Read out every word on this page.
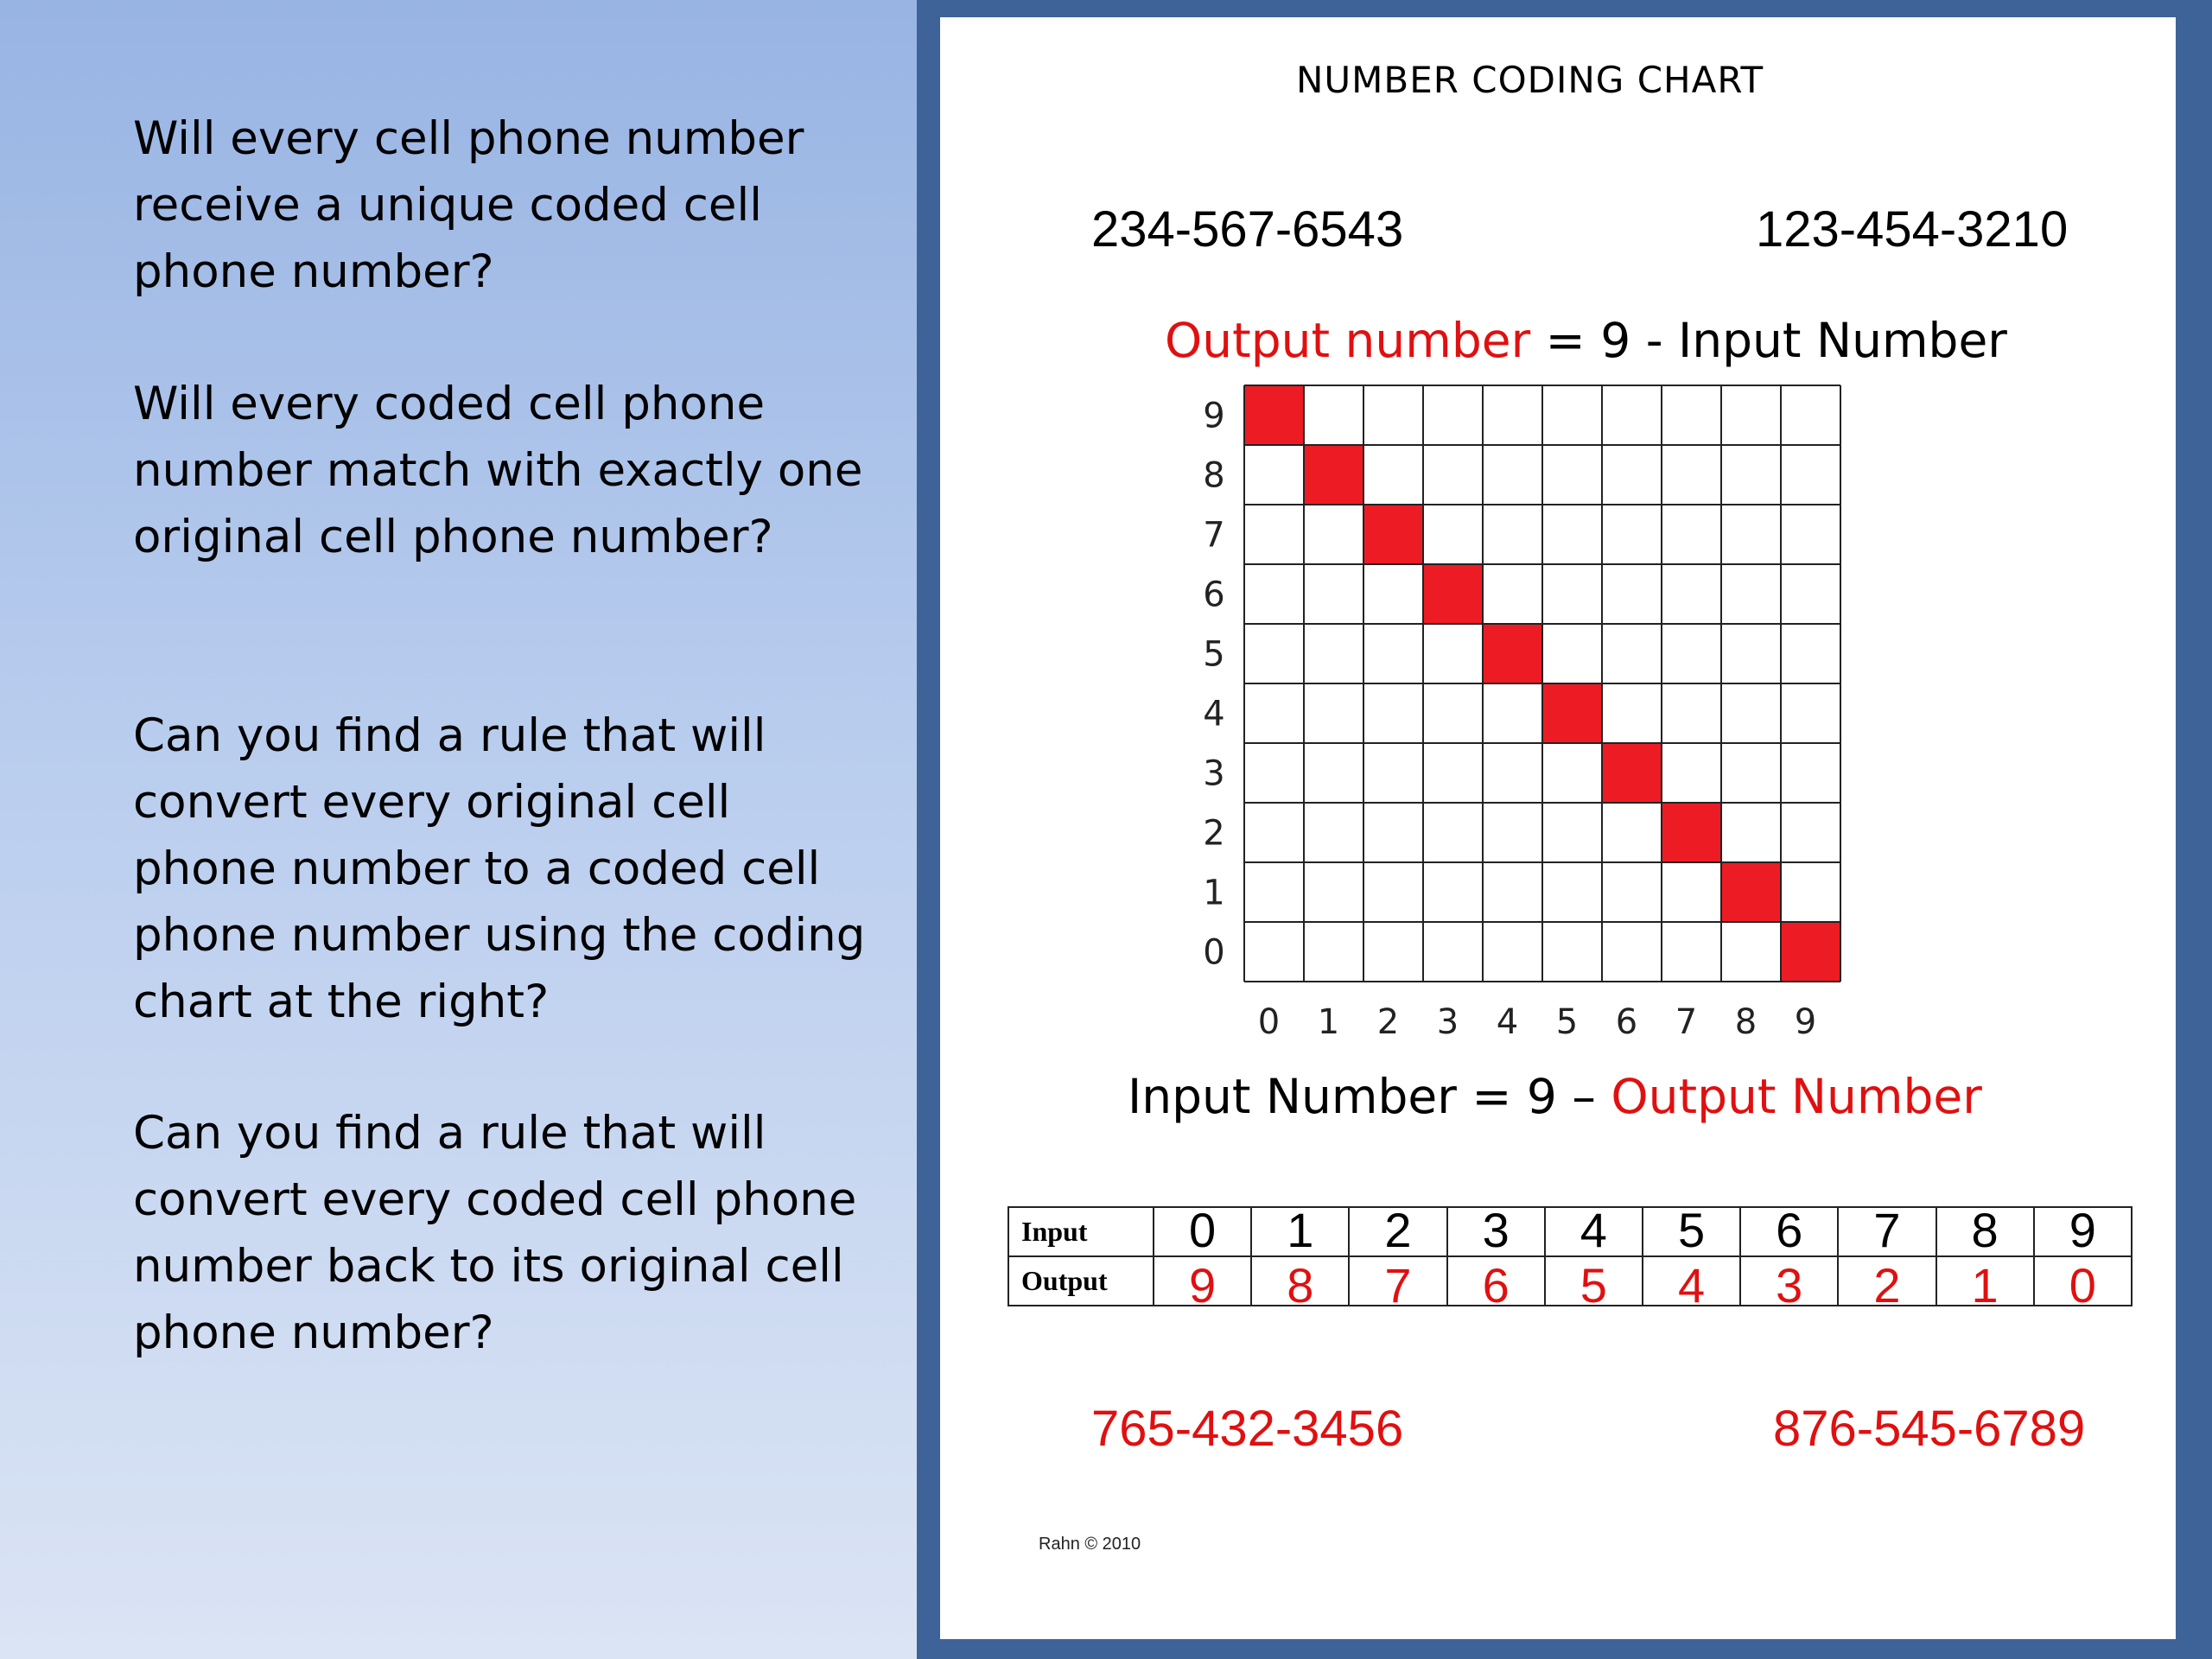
Will every cell phone number receive a unique coded cell phone number?

Will every coded cell phone number match with exactly one original cell phone number?

Can you find a rule that will convert every original cell phone number to a coded cell phone number using the coding chart at the right?

Can you find a rule that will convert every coded cell phone number back to its original cell phone number?

NUMBER CODING CHART
234-567-6543	123-454-3210
Output number = 9 - Input Number
0
1
2
3
4
5
6
7
8
9
0 1 2 3 4 5 6 7 8 9
Input Number = 9 – Output Number
Input	0	1	2	3	4	5	6	7	8	9
Output	9	8	7	6	5	4	3	2	1	0
765-432-3456	876-545-6789
Rahn © 2010
